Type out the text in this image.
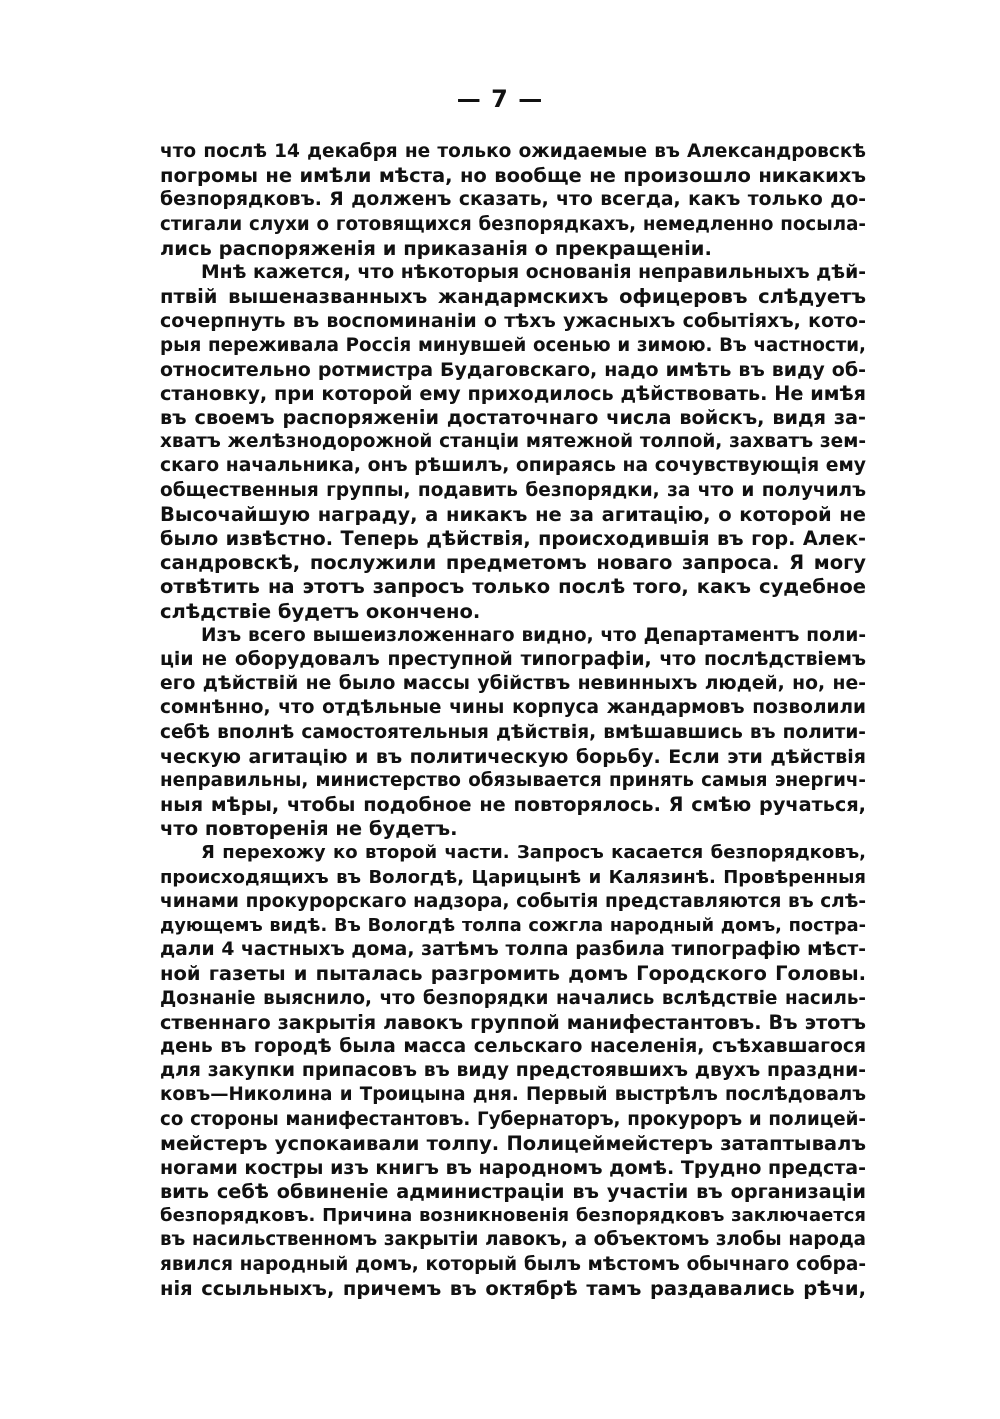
— 7 —
что послѣ 14 декабря не только ожидаемые въ Александровскѣ
погромы не имѣли мѣста, но вообще не произошло никакихъ
безпорядковъ. Я долженъ сказать, что всегда, какъ только до-
стигали слухи о готовящихся безпорядкахъ, немедленно посыла-
лись распоряженія и приказанія о прекращеніи.
Мнѣ кажется, что нѣкоторыя основанія неправильныхъ дѣй-
птвій вышеназванныхъ жандармскихъ офицеровъ слѣдуетъ
сочерпнуть въ воспоминаніи о тѣхъ ужасныхъ событіяхъ, кото-
рыя переживала Россія минувшей осенью и зимою. Въ частности,
относительно ротмистра Будаговскаго, надо имѣть въ виду об-
становку, при которой ему приходилось дѣйствовать. Не имѣя
въ своемъ распоряженіи достаточнаго числа войскъ, видя за-
хватъ желѣзнодорожной станціи мятежной толпой, захватъ зем-
скаго начальника, онъ рѣшилъ, опираясь на сочувствующія ему
общественныя группы, подавить безпорядки, за что и получилъ
Высочайшую награду, а никакъ не за агитацію, о которой не
было извѣстно. Теперь дѣйствія, происходившія въ гор. Алек-
сандровскѣ, послужили предметомъ новаго запроса. Я могу
отвѣтить на этотъ запросъ только послѣ того, какъ судебное
слѣдствіе будетъ окончено.
Изъ всего вышеизложеннаго видно, что Департаментъ поли-
ціи не оборудовалъ преступной типографіи, что послѣдствіемъ
его дѣйствій не было массы убійствъ невинныхъ людей, но, не-
сомнѣнно, что отдѣльные чины корпуса жандармовъ позволили
себѣ вполнѣ самостоятельныя дѣйствія, вмѣшавшись въ полити-
ческую агитацію и въ политическую борьбу. Если эти дѣйствія
неправильны, министерство обязывается принять самыя энергич-
ныя мѣры, чтобы подобное не повторялось. Я смѣю ручаться,
что повторенія не будетъ.
Я перехожу ко второй части. Запросъ касается безпорядковъ,
происходящихъ въ Вологдѣ, Царицынѣ и Калязинѣ. Провѣренныя
чинами прокурорскаго надзора, событія представляются въ слѣ-
дующемъ видѣ. Въ Вологдѣ толпа сожгла народный домъ, постра-
дали 4 частныхъ дома, затѣмъ толпа разбила типографію мѣст-
ной газеты и пыталась разгромить домъ Городского Головы.
Дознаніе выяснило, что безпорядки начались вслѣдствіе насиль-
ственнаго закрытія лавокъ группой манифестантовъ. Въ этотъ
день въ городѣ была масса сельскаго населенія, съѣхавшагося
для закупки припасовъ въ виду предстоявшихъ двухъ праздни-
ковъ—Николина и Троицына дня. Первый выстрѣлъ послѣдовалъ
со стороны манифестантовъ. Губернаторъ, прокуроръ и полицей-
мейстеръ успокаивали толпу. Полицеймейстеръ затаптывалъ
ногами костры изъ книгъ въ народномъ домѣ. Трудно предста-
вить себѣ обвиненіе администраціи въ участіи въ организаціи
безпорядковъ. Причина возникновенія безпорядковъ заключается
въ насильственномъ закрытіи лавокъ, а объектомъ злобы народа
явился народный домъ, который былъ мѣстомъ обычнаго собра-
нія ссыльныхъ, причемъ въ октябрѣ тамъ раздавались рѣчи,
